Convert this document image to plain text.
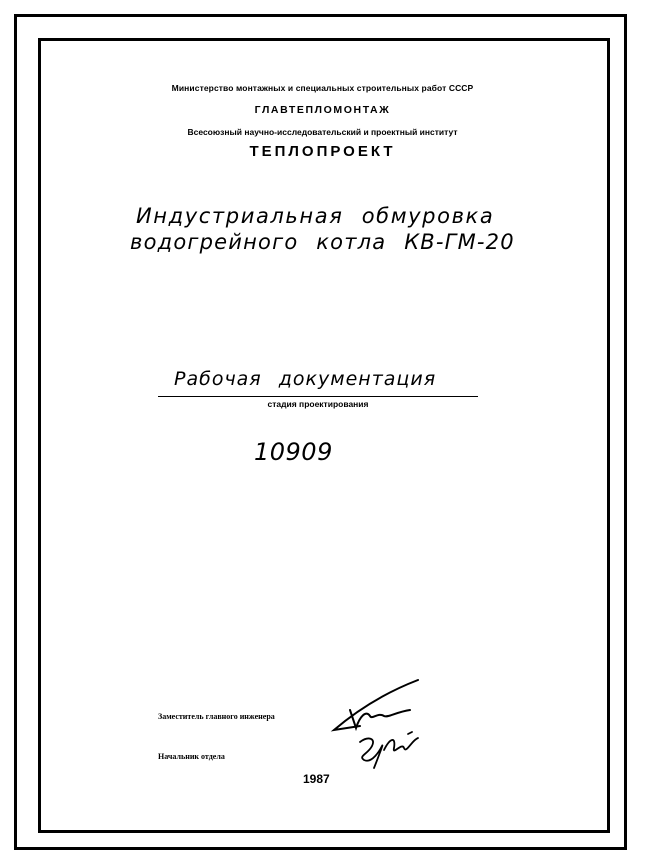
Министерство монтажных и специальных строительных работ СССР
ГЛАВТЕПЛОМОНТАЖ
Всесоюзный научно-исследовательский и проектный институт
ТЕПЛОПРОЕКТ
Индустриальная обмуровка
водогрейного котла КВ-ГМ-20
Рабочая документация
стадия проектирования
10909
Заместитель главного инженера
Начальник отдела
1987
